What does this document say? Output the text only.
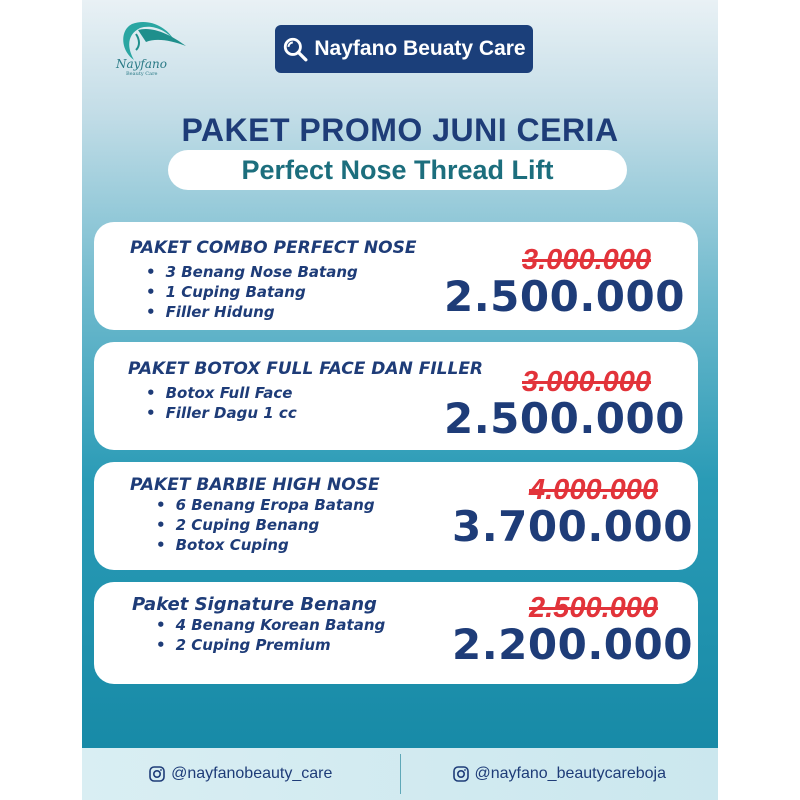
Nayfano
Beauty Care
Nayfano Beuaty Care
PAKET PROMO JUNI CERIA
Perfect Nose Thread Lift
PAKET COMBO PERFECT NOSE
• 3 Benang Nose Batang
• 1 Cuping Batang
• Filler Hidung
3.000.000
2.500.000
PAKET BOTOX FULL FACE DAN FILLER
• Botox Full Face
• Filler Dagu 1 cc
3.000.000
2.500.000
PAKET BARBIE HIGH NOSE
• 6 Benang Eropa Batang
• 2 Cuping Benang
• Botox Cuping
4.000.000
3.700.000
Paket Signature Benang
• 4 Benang Korean Batang
• 2 Cuping Premium
2.500.000
2.200.000
@nayfanobeauty_care	@nayfano_beautycareboja
